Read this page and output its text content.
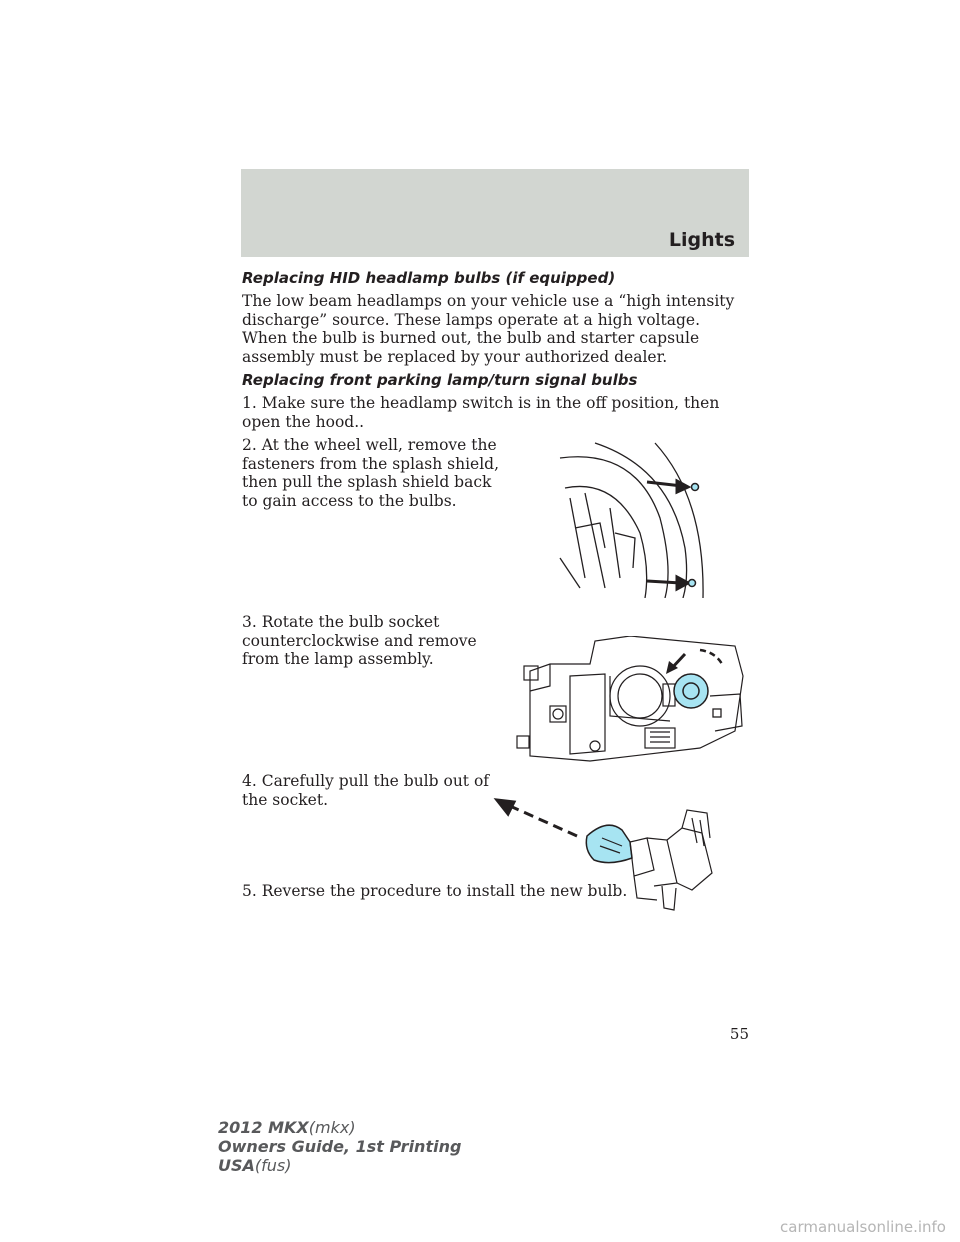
Lights
Replacing HID headlamp bulbs (if equipped)

The low beam headlamps on your vehicle use a “high intensity discharge” source. These lamps operate at a high voltage. When the bulb is burned out, the bulb and starter capsule assembly must be replaced by your authorized dealer.

Replacing front parking lamp/turn signal bulbs

1. Make sure the headlamp switch is in the off position, then open the hood..

2. At the wheel well, remove the fasteners from the splash shield, then pull the splash shield back to gain access to the bulbs.

3. Rotate the bulb socket counterclockwise and remove from the lamp assembly.

4. Carefully pull the bulb out of the socket.

5. Reverse the procedure to install the new bulb.

55
2012 MKX(mkx)
Owners Guide, 1st Printing
USA(fus)
carmanualsonline.info
